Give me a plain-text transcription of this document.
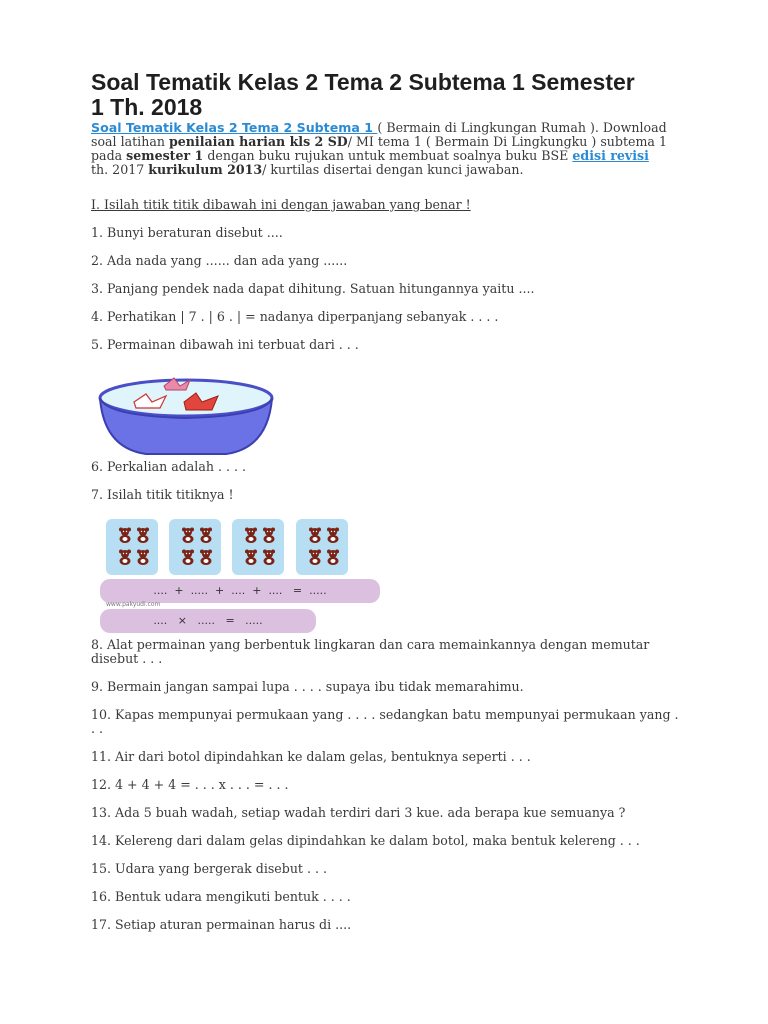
Soal Tematik Kelas 2 Tema 2 Subtema 1 Semester 1 Th. 2018

Soal Tematik Kelas 2 Tema 2 Subtema 1 ( Bermain di Lingkungan Rumah ). Download soal latihan penilaian harian kls 2 SD/ MI tema 1 ( Bermain Di Lingkungku ) subtema 1 pada semester 1 dengan buku rujukan untuk membuat soalnya buku BSE edisi revisi th. 2017 kurikulum 2013/ kurtilas disertai dengan kunci jawaban.

I. Isilah titik titik dibawah ini dengan jawaban yang benar !

1. Bunyi beraturan disebut ....

2. Ada nada yang ...... dan ada yang ......

3. Panjang pendek nada dapat dihitung. Satuan hitungannya yaitu ....

4. Perhatikan | 7 . | 6 . | = nadanya diperpanjang sebanyak . . . .

5. Permainan dibawah ini terbuat dari . . .

6. Perkalian adalah . . . .

7. Isilah titik titiknya !

8. Alat permainan yang berbentuk lingkaran dan cara memainkannya dengan memutar disebut . . .

9. Bermain jangan sampai lupa . . . . supaya ibu tidak memarahimu.

10. Kapas mempunyai permukaan yang . . . . sedangkan batu mempunyai permukaan yang . . .

11. Air dari botol dipindahkan ke dalam gelas, bentuknya seperti . . .

12. 4 + 4 + 4 = . . . x . . . = . . .

13. Ada 5 buah wadah, setiap wadah terdiri dari 3 kue. ada berapa kue semuanya ?

14. Kelereng dari dalam gelas dipindahkan ke dalam botol, maka bentuk kelereng . . .

15. Udara yang bergerak disebut . . .

16. Bentuk udara mengikuti bentuk . . . .

17. Setiap aturan permainan harus di ....

....  +  .....  +  ....  +  ....   =  .....
www.pakyudi.com
....   ×   .....   =   .....
